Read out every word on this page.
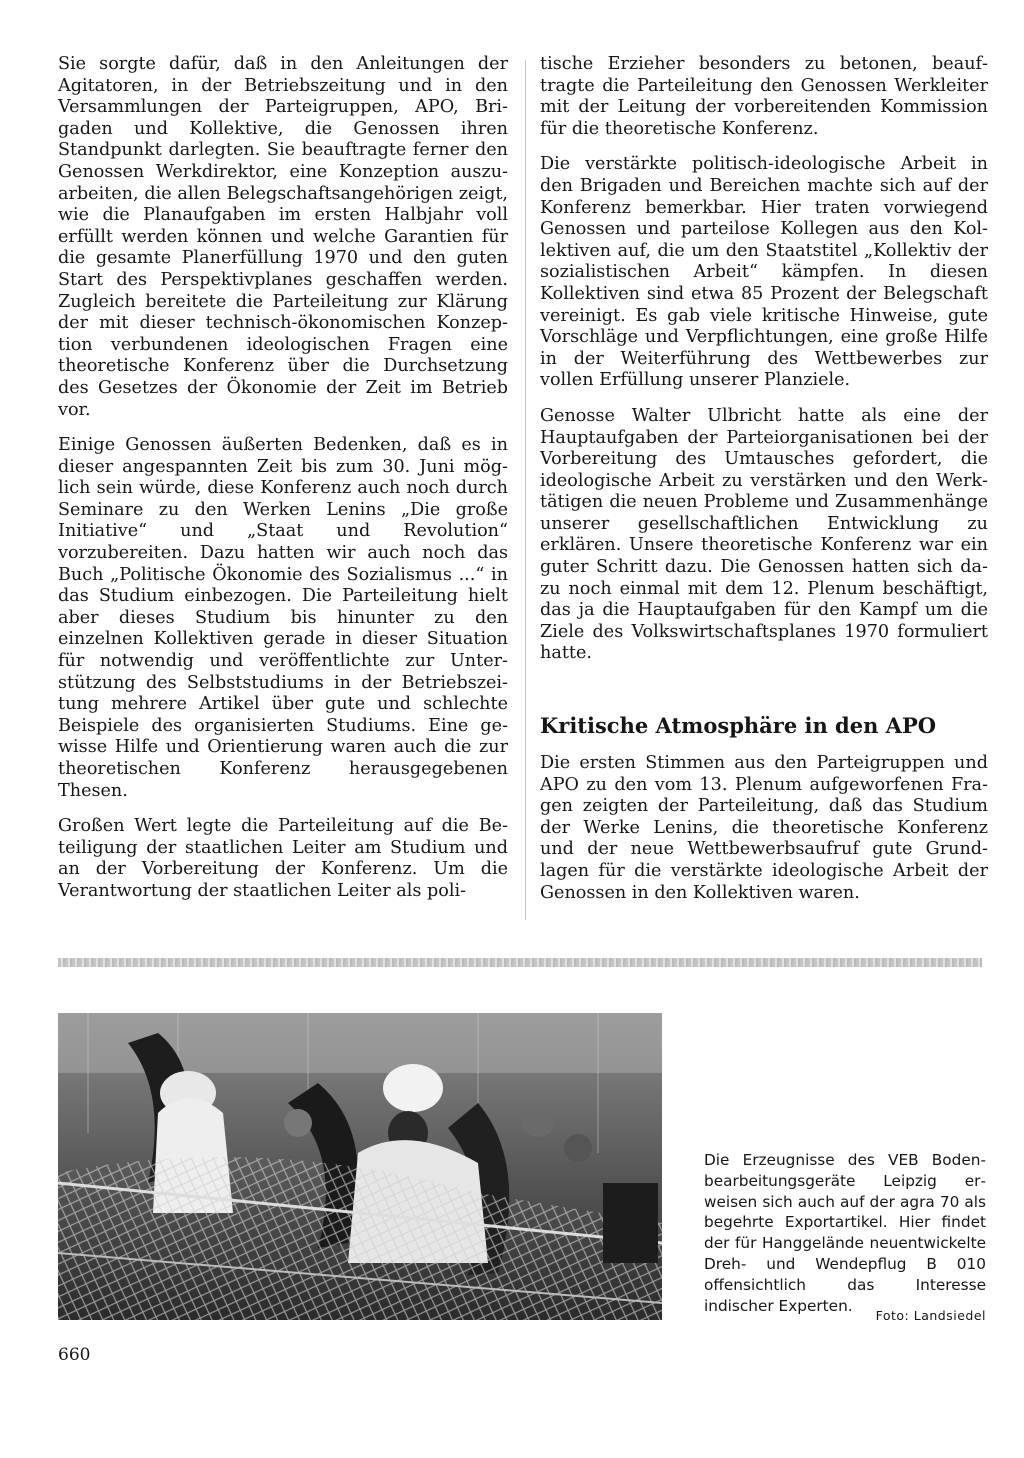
Sie sorgte dafür, daß in den Anleitungen der Agitatoren, in der Betriebszeitung und in den Versammlungen der Parteigruppen, APO, Brigaden und Kollektive, die Genossen ihren Standpunkt darlegten. Sie beauftragte ferner den Genossen Werkdirektor, eine Konzeption auszuarbeiten, die allen Belegschaftsangehörigen zeigt, wie die Planaufgaben im ersten Halbjahr voll erfüllt werden können und welche Garantien für die gesamte Planerfüllung 1970 und den guten Start des Perspektivplanes geschaffen werden. Zugleich bereitete die Parteileitung zur Klärung der mit dieser technisch-ökonomischen Konzeption verbundenen ideologischen Fragen eine theoretische Konferenz über die Durchsetzung des Gesetzes der Ökonomie der Zeit im Betrieb vor.

Einige Genossen äußerten Bedenken, daß es in dieser angespannten Zeit bis zum 30. Juni möglich sein würde, diese Konferenz auch noch durch Seminare zu den Werken Lenins „Die große Initiative“ und „Staat und Revolution“ vorzubereiten. Dazu hatten wir auch noch das Buch „Politische Ökonomie des Sozialismus ...“ in das Studium einbezogen. Die Parteileitung hielt aber dieses Studium bis hinunter zu den einzelnen Kollektiven gerade in dieser Situation für notwendig und veröffentlichte zur Unterstützung des Selbststudiums in der Betriebszeitung mehrere Artikel über gute und schlechte Beispiele des organisierten Studiums. Eine gewisse Hilfe und Orientierung waren auch die zur theoretischen Konferenz herausgegebenen Thesen.

Großen Wert legte die Parteileitung auf die Beteiligung der staatlichen Leiter am Studium und an der Vorbereitung der Konferenz. Um die Verantwortung der staatlichen Leiter als poli-

tische Erzieher besonders zu betonen, beauftragte die Parteileitung den Genossen Werkleiter mit der Leitung der vorbereitenden Kommission für die theoretische Konferenz.

Die verstärkte politisch-ideologische Arbeit in den Brigaden und Bereichen machte sich auf der Konferenz bemerkbar. Hier traten vorwiegend Genossen und parteilose Kollegen aus den Kollektiven auf, die um den Staatstitel „Kollektiv der sozialistischen Arbeit“ kämpfen. In diesen Kollektiven sind etwa 85 Prozent der Belegschaft vereinigt. Es gab viele kritische Hinweise, gute Vorschläge und Verpflichtungen, eine große Hilfe in der Weiterführung des Wettbewerbes zur vollen Erfüllung unserer Planziele.

Genosse Walter Ulbricht hatte als eine der Hauptaufgaben der Parteiorganisationen bei der Vorbereitung des Umtausches gefordert, die ideologische Arbeit zu verstärken und den Werktätigen die neuen Probleme und Zusammenhänge unserer gesellschaftlichen Entwicklung zu erklären. Unsere theoretische Konferenz war ein guter Schritt dazu. Die Genossen hatten sich dazu noch einmal mit dem 12. Plenum beschäftigt, das ja die Hauptaufgaben für den Kampf um die Ziele des Volkswirtschaftsplanes 1970 formuliert hatte.

Kritische Atmosphäre in den APO

Die ersten Stimmen aus den Parteigruppen und APO zu den vom 13. Plenum aufgeworfenen Fragen zeigten der Parteileitung, daß das Studium der Werke Lenins, die theoretische Konferenz und der neue Wettbewerbsaufruf gute Grundlagen für die verstärkte ideologische Arbeit der Genossen in den Kollektiven waren.

Die Erzeugnisse des VEB Bodenbearbeitungsgeräte Leipzig erweisen sich auch auf der agra 70 als begehrte Exportartikel. Hier findet der für Hanggelände neuentwickelte Dreh- und Wendepflug B 010 offensichtlich das Interesse indischer Experten.
Foto: Landsiedel
660
